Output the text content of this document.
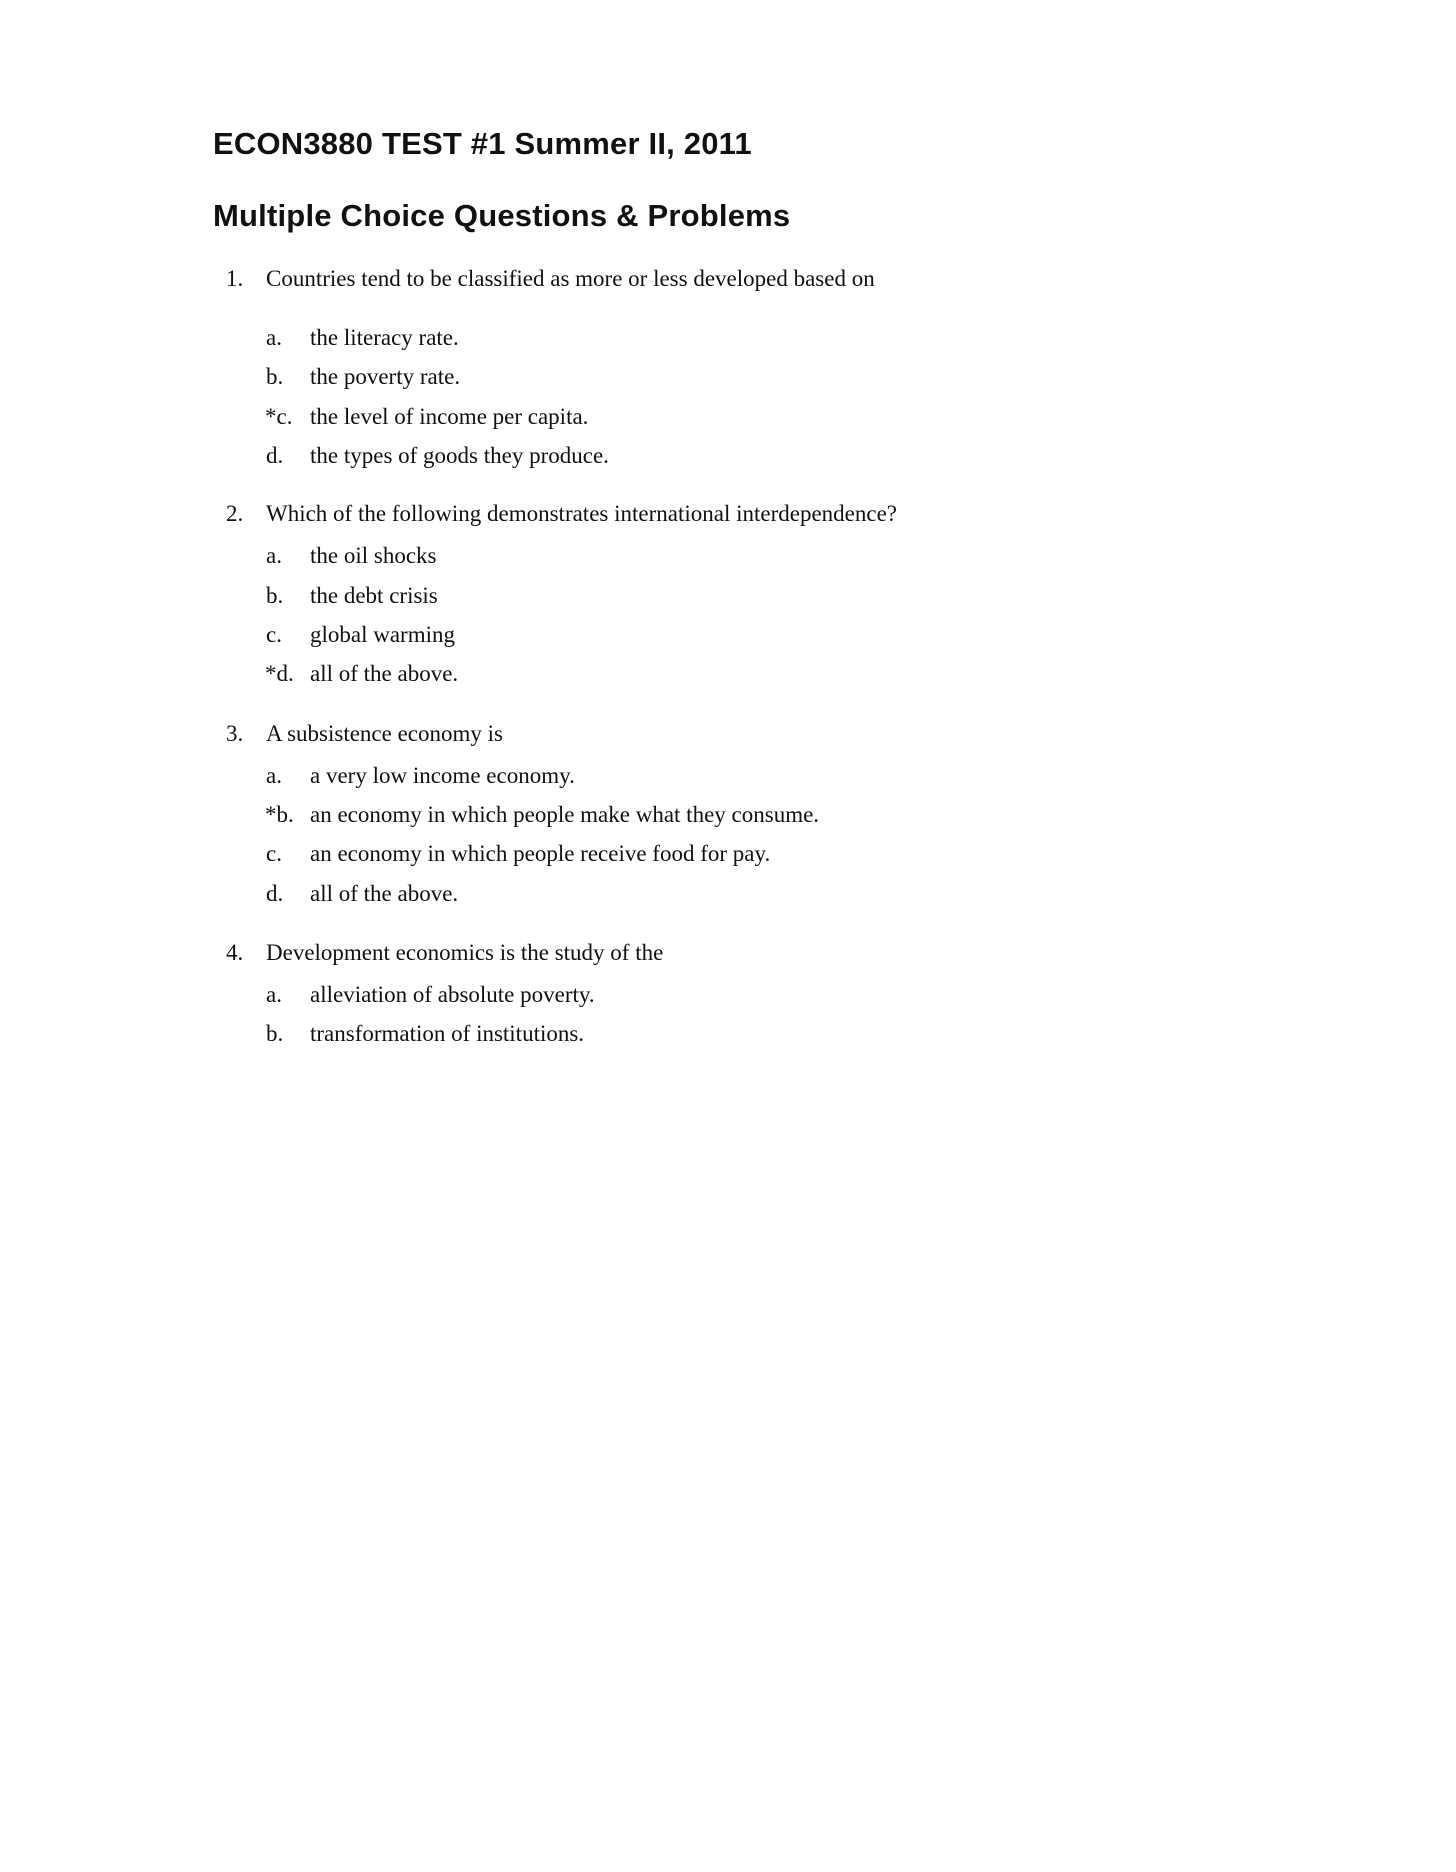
ECON3880 TEST #1 Summer II, 2011
Multiple Choice Questions & Problems
1. Countries tend to be classified as more or less developed based on
a.	the literacy rate.
b.	the poverty rate.
*c. the level of income per capita.
d.	the types of goods they produce.
2. Which of the following demonstrates international interdependence?
a.	the oil shocks
b.	the debt crisis
c.	global warming
*d. all of the above.
3. A subsistence economy is
a.	a very low income economy.
*b. an economy in which people make what they consume.
c.	an economy in which people receive food for pay.
d.	all of the above.
4. Development economics is the study of the
a.	alleviation of absolute poverty.
b.	transformation of institutions.
